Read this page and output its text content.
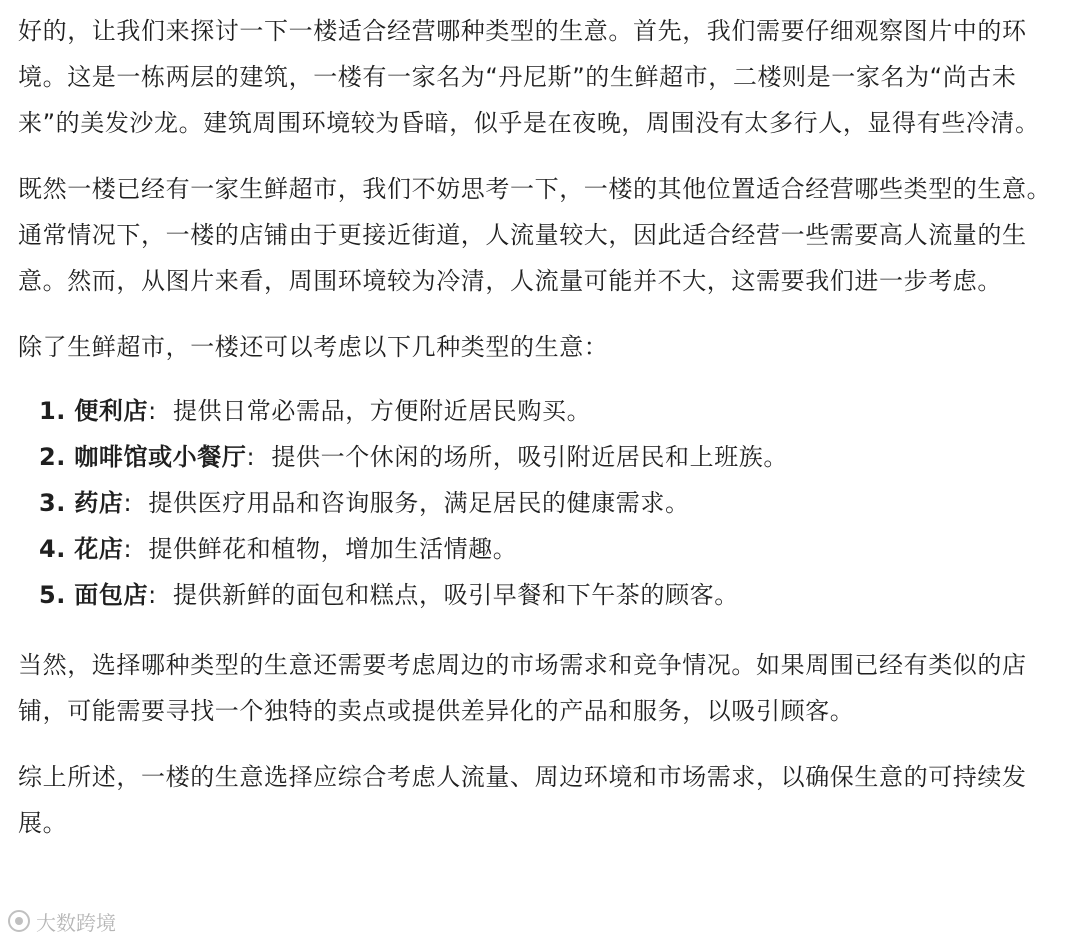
好的，让我们来探讨一下一楼适合经营哪种类型的生意。首先，我们需要仔细观察图片中的环境。这是一栋两层的建筑，一楼有一家名为“丹尼斯”的生鲜超市，二楼则是一家名为“尚古未来”的美发沙龙。建筑周围环境较为昏暗，似乎是在夜晚，周围没有太多行人，显得有些冷清。

既然一楼已经有一家生鲜超市，我们不妨思考一下，一楼的其他位置适合经营哪些类型的生意。通常情况下，一楼的店铺由于更接近街道，人流量较大，因此适合经营一些需要高人流量的生意。然而，从图片来看，周围环境较为冷清，人流量可能并不大，这需要我们进一步考虑。

除了生鲜超市，一楼还可以考虑以下几种类型的生意：

1. 便利店: 提供日常必需品，方便附近居民购买。
2. 咖啡馆或小餐厅: 提供一个休闲的场所，吸引附近居民和上班族。
3. 药店: 提供医疗用品和咨询服务，满足居民的健康需求。
4. 花店: 提供鲜花和植物，增加生活情趣。
5. 面包店: 提供新鲜的面包和糕点，吸引早餐和下午茶的顾客。

当然，选择哪种类型的生意还需要考虑周边的市场需求和竞争情况。如果周围已经有类似的店铺，可能需要寻找一个独特的卖点或提供差异化的产品和服务，以吸引顾客。

综上所述，一楼的生意选择应综合考虑人流量、周边环境和市场需求，以确保生意的可持续发展。

大数跨境
